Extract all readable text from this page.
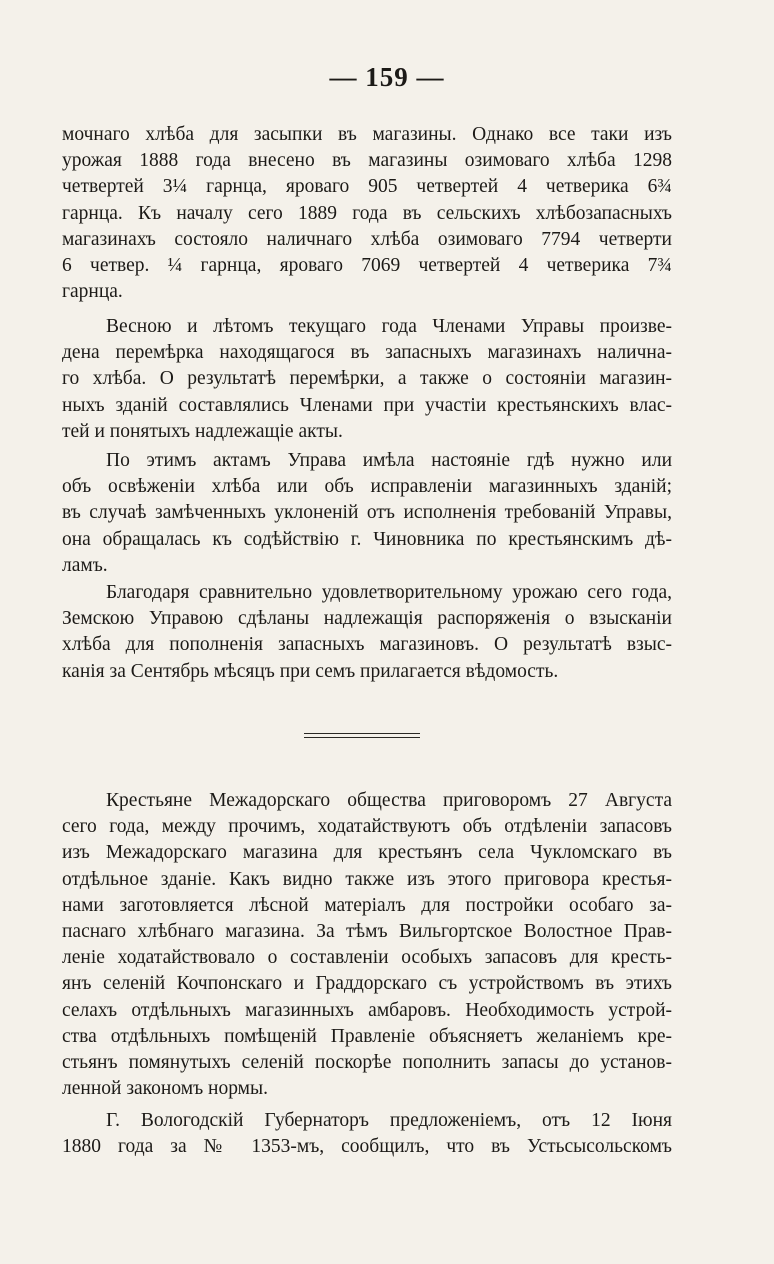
— 159 —
мочнаго хлѣба для засыпки въ магазины. Однако все таки изъ
урожая 1888 года внесено въ магазины озимоваго хлѣба 1298
четвертей 3¼ гарнца, яроваго 905 четвертей 4 четверика 6¾
гарнца. Къ началу сего 1889 года въ сельскихъ хлѣбозапасныхъ
магазинахъ состояло наличнаго хлѣба озимоваго 7794 четверти
6 четвер. ¼ гарнца, яроваго 7069 четвертей 4 четверика 7¾
гарнца.
Весною и лѣтомъ текущаго года Членами Управы произве-
дена перемѣрка находящагося въ запасныхъ магазинахъ налична-
го хлѣба. О результатѣ перемѣрки, а также о состояніи магазин-
ныхъ зданій составлялись Членами при участіи крестьянскихъ влас-
тей и понятыхъ надлежащіе акты.
По этимъ актамъ Управа имѣла настояніе гдѣ нужно или
объ освѣженіи хлѣба или объ исправленіи магазинныхъ зданій;
въ случаѣ замѣченныхъ уклоненій отъ исполненія требованій Управы,
она обращалась къ содѣйствію г. Чиновника по крестьянскимъ дѣ-
ламъ.
Благодаря сравнительно удовлетворительному урожаю сего года,
Земскою Управою сдѣланы надлежащія распоряженія о взысканіи
хлѣба для пополненія запасныхъ магазиновъ. О результатѣ взыс-
канія за Сентябрь мѣсяцъ при семъ прилагается вѣдомость.
Крестьяне Межадорскаго общества приговоромъ 27 Августа
сего года, между прочимъ, ходатайствуютъ объ отдѣленіи запасовъ
изъ Межадорскаго магазина для крестьянъ села Чукломскаго въ
отдѣльное зданіе. Какъ видно также изъ этого приговора крестья-
нами заготовляется лѣсной матеріалъ для постройки особаго за-
паснаго хлѣбнаго магазина. За тѣмъ Вильгортское Волостное Прав-
леніе ходатайствовало о составленіи особыхъ запасовъ для кресть-
янъ селеній Кочпонскаго и Граддорскаго съ устройствомъ въ этихъ
селахъ отдѣльныхъ магазинныхъ амбаровъ. Необходимость устрой-
ства отдѣльныхъ помѣщеній Правленіе объясняетъ желаніемъ кре-
стьянъ помянутыхъ селеній поскорѣе пополнить запасы до установ-
ленной закономъ нормы.
Г. Вологодскій Губернаторъ предложеніемъ, отъ 12 Іюня
1880 года за № 1353-мъ, сообщилъ, что въ Устьсысольскомъ
